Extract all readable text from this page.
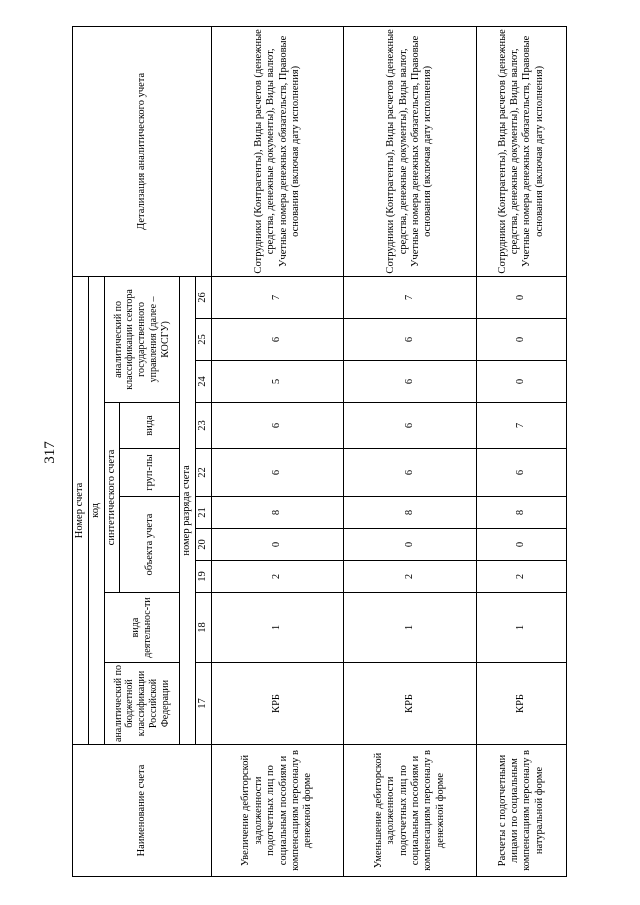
317
Наименование счета	Номер счета										Детализация аналитического учета
	код										
	аналитический по бюджетной классификации Российской Федерации	вида деятельнос-ти	синтетического счета					аналитический по классификации сектора государственного управления (далее – КОСГУ)			
			объекта учета			груп-пы	вида				
	номер разряда счета										
	17	18	19	20	21	22	23	24	25	26	
Увеличение дебиторской задолженности подотчетных лиц по социальным пособиям и компенсациям персоналу в денежной форме	КРБ	1	2	0	8	6	6	5	6	7	Сотрудники (Контрагенты), Виды расчетов (денежные средства, денежные документы), Виды валют, Учетные номера денежных обязательств, Правовые основания (включая дату исполнения)
Уменьшение дебиторской задолженности подотчетных лиц по социальным пособиям и компенсациям персоналу в денежной форме	КРБ	1	2	0	8	6	6	6	6	7	Сотрудники (Контрагенты), Виды расчетов (денежные средства, денежные документы), Виды валют, Учетные номера денежных обязательств, Правовые основания (включая дату исполнения)
Расчеты с подотчетными лицами по социальным компенсациям персоналу в натуральной форме	КРБ	1	2	0	8	6	7	0	0	0	Сотрудники (Контрагенты), Виды расчетов (денежные средства, денежные документы), Виды валют, Учетные номера денежных обязательств, Правовые основания (включая дату исполнения)
